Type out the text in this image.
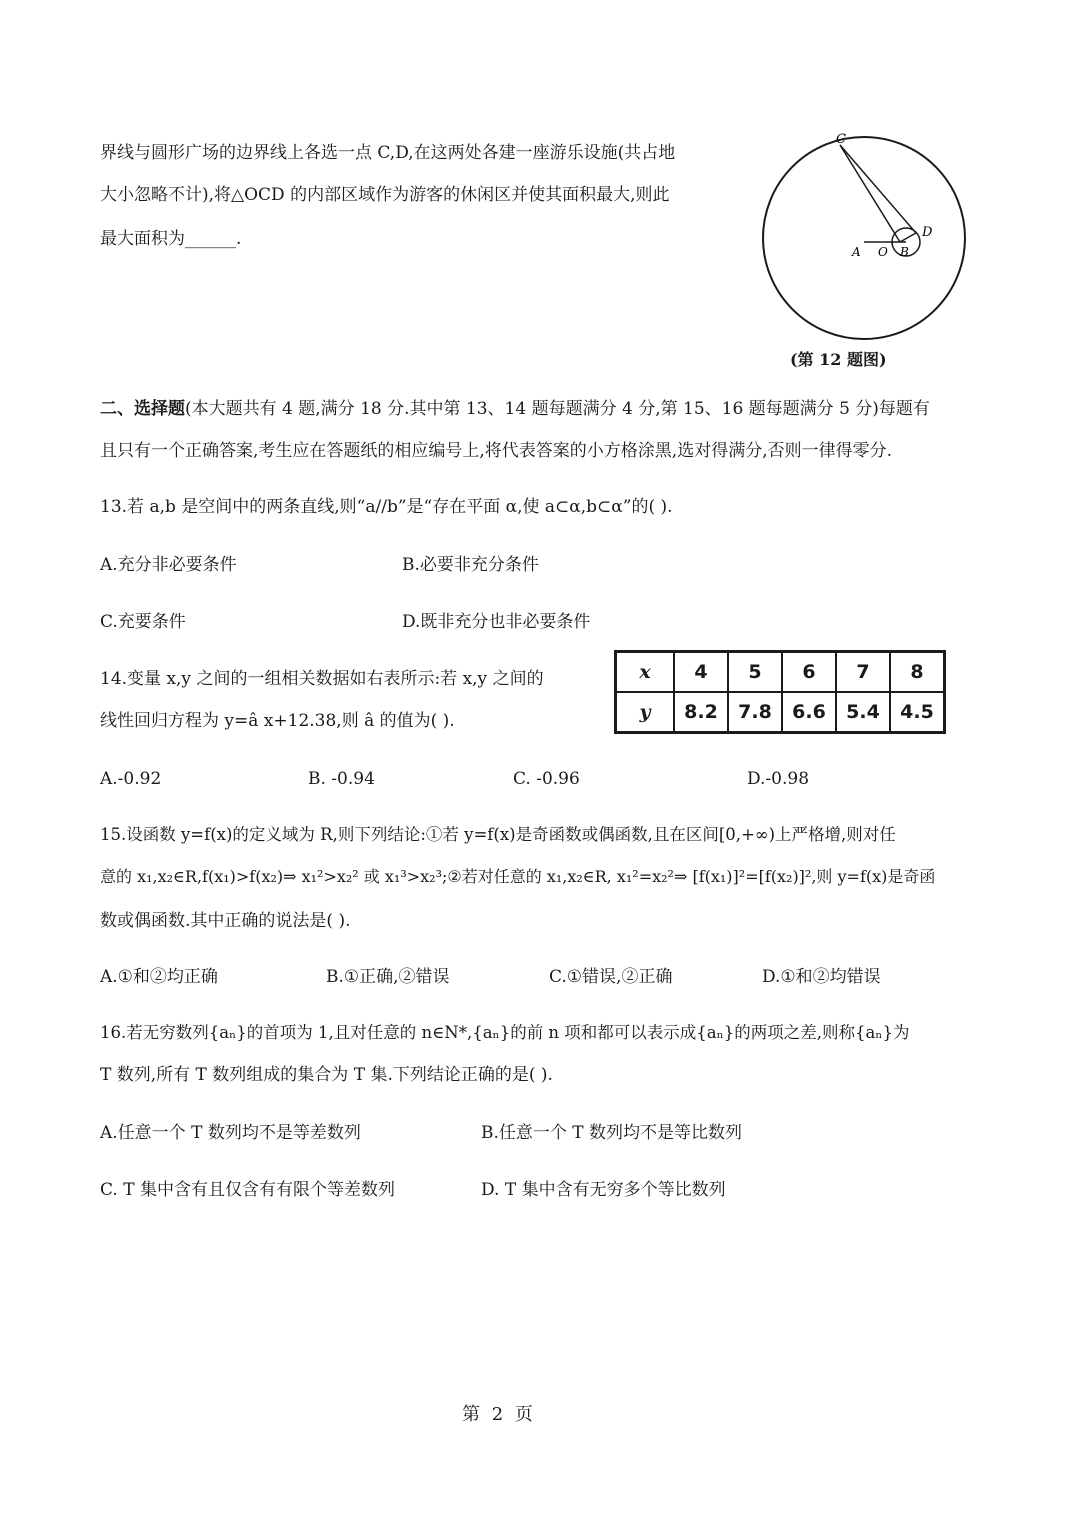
界线与圆形广场的边界线上各选一点 C,D,在这两处各建一座游乐设施(共占地
大小忽略不计),将△OCD 的内部区域作为游客的休闲区并使其面积最大,则此
最大面积为______.
C
D
A O B
(第 12 题图)
二、选择题(本大题共有 4 题,满分 18 分.其中第 13、14 题每题满分 4 分,第 15、16 题每题满分 5 分)每题有
且只有一个正确答案,考生应在答题纸的相应编号上,将代表答案的小方格涂黑,选对得满分,否则一律得零分.
13.若 a,b 是空间中的两条直线,则“a//b”是“存在平面 α,使 a⊂α,b⊂α”的( ).
A.充分非必要条件	B.必要非充分条件
C.充要条件	D.既非充分也非必要条件
14.变量 x,y 之间的一组相关数据如右表所示:若 x,y 之间的
线性回归方程为 y=â x+12.38,则 â 的值为( ).
x	4	5	6	7	8
y	8.2	7.8	6.6	5.4	4.5
A.-0.92	B. -0.94	C. -0.96	D.-0.98
15.设函数 y=f(x)的定义域为 R,则下列结论:①若 y=f(x)是奇函数或偶函数,且在区间[0,+∞)上严格增,则对任
意的 x₁,x₂∈R,f(x₁)>f(x₂)⇒ x₁²>x₂² 或 x₁³>x₂³;②若对任意的 x₁,x₂∈R, x₁²=x₂²⇒ [f(x₁)]²=[f(x₂)]²,则 y=f(x)是奇函
数或偶函数.其中正确的说法是( ).
A.①和②均正确	B.①正确,②错误	C.①错误,②正确	D.①和②均错误
16.若无穷数列{aₙ}的首项为 1,且对任意的 n∈N*,{aₙ}的前 n 项和都可以表示成{aₙ}的两项之差,则称{aₙ}为
T 数列,所有 T 数列组成的集合为 T 集.下列结论正确的是( ).
A.任意一个 T 数列均不是等差数列	B.任意一个 T 数列均不是等比数列
C. T 集中含有且仅含有有限个等差数列	D. T 集中含有无穷多个等比数列
第 2 页
